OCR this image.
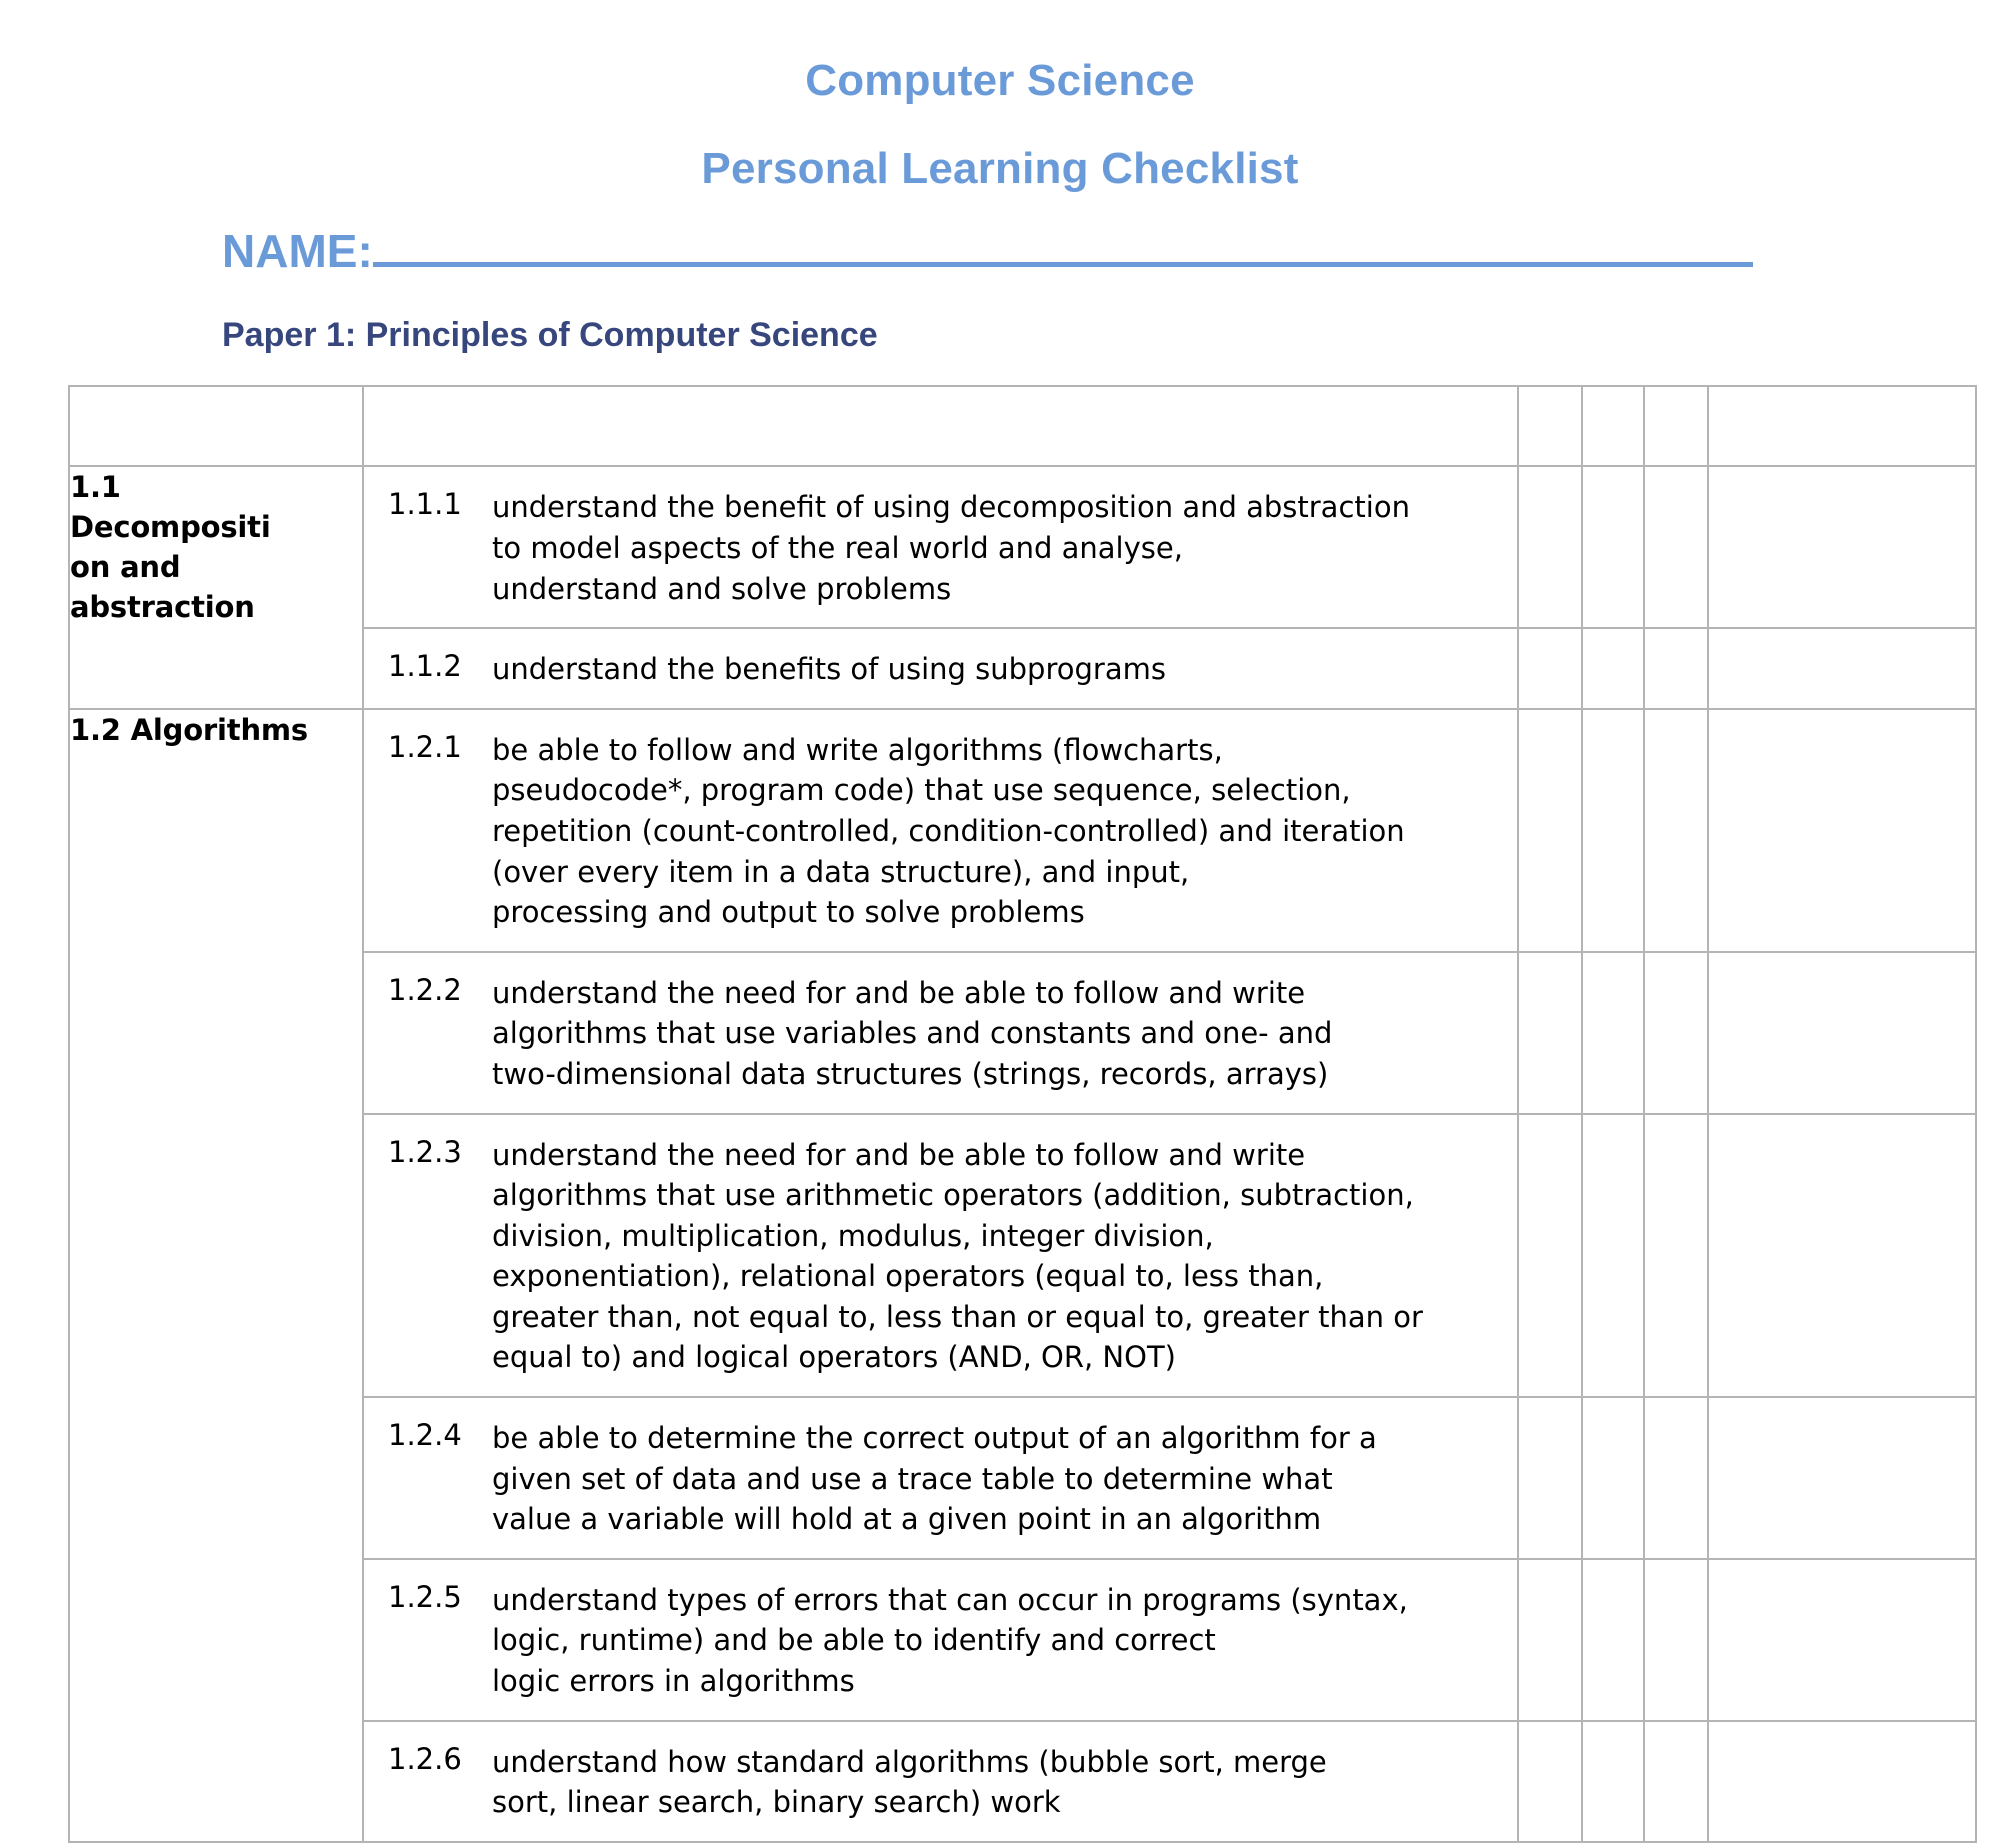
Computer Science
Personal Learning Checklist
NAME:
Paper 1: Principles of Computer Science
content	I should:	R	A	G	REVIEW

1.1
Decompositi
on and
abstraction

1.1.1	understand the benefit of using decomposition and abstraction
to model aspects of the real world and analyse,
understand and solve problems

	1.1.2 understand the benefits of using subprograms				

1.2 Algorithms	1.2.1	be able to follow and write algorithms (flowcharts,
pseudocode*, program code) that use sequence, selection,
repetition (count-controlled, condition-controlled) and iteration
(over every item in a data structure), and input,
processing and output to solve problems

	1.2.2 understand the need for and be able to follow and write
algorithms that use variables and constants and one- and
two-dimensional data structures (strings, records, arrays)				

1.2.3	understand the need for and be able to follow and write
algorithms that use arithmetic operators (addition, subtraction,
division, multiplication, modulus, integer division,
exponentiation), relational operators (equal to, less than,
greater than, not equal to, less than or equal to, greater than or
equal to) and logical operators (AND, OR, NOT)

	1.2.4 be able to determine the correct output of an algorithm for a
given set of data and use a trace table to determine what
value a variable will hold at a given point in an algorithm				

	1.2.5 understand types of errors that can occur in programs (syntax,
logic, runtime) and be able to identify and correct
logic errors in algorithms				

	1.2.6 understand how standard algorithms (bubble sort, merge
sort, linear search, binary search) work				
